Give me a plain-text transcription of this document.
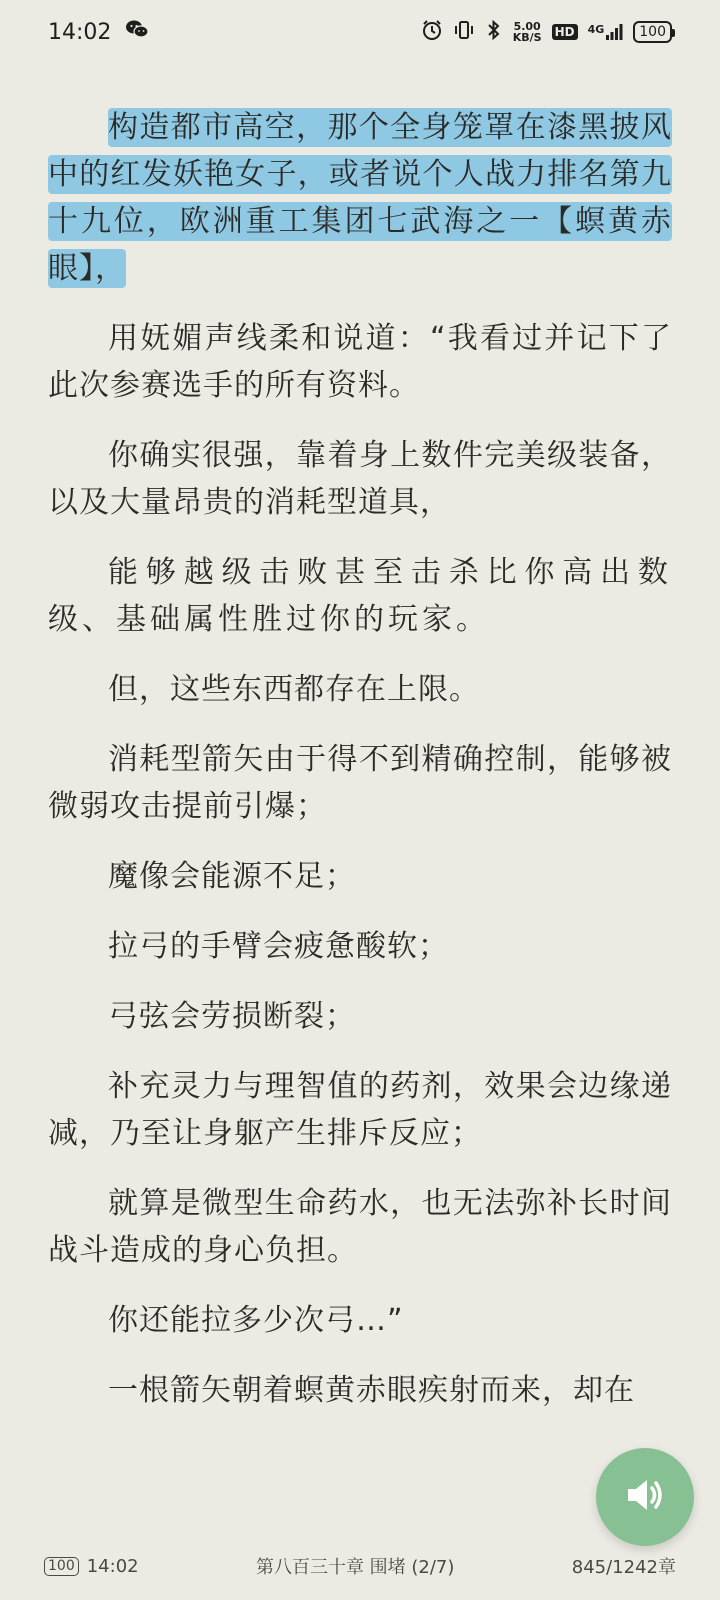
14:02	5.00
KB/S HD 4G	100

构造都市高空，那个全身笼罩在漆黑披风中的红发妖艳女子，或者说个人战力排名第九十九位，欧洲重工集团七武海之一【螟黄赤眼】，

用妩媚声线柔和说道：“我看过并记下了此次参赛选手的所有资料。

你确实很强，靠着身上数件完美级装备，以及大量昂贵的消耗型道具，

能够越级击败甚至击杀比你高出数级、基础属性胜过你的玩家。

但，这些东西都存在上限。

消耗型箭矢由于得不到精确控制，能够被微弱攻击提前引爆；

魔像会能源不足；

拉弓的手臂会疲惫酸软；

弓弦会劳损断裂；

补充灵力与理智值的药剂，效果会边缘递减，乃至让身躯产生排斥反应；

就算是微型生命药水，也无法弥补长时间战斗造成的身心负担。

你还能拉多少次弓…”

一根箭矢朝着螟黄赤眼疾射而来，却在

100 14:02	第八百三十章 围堵 (2/7)	845/1242章
